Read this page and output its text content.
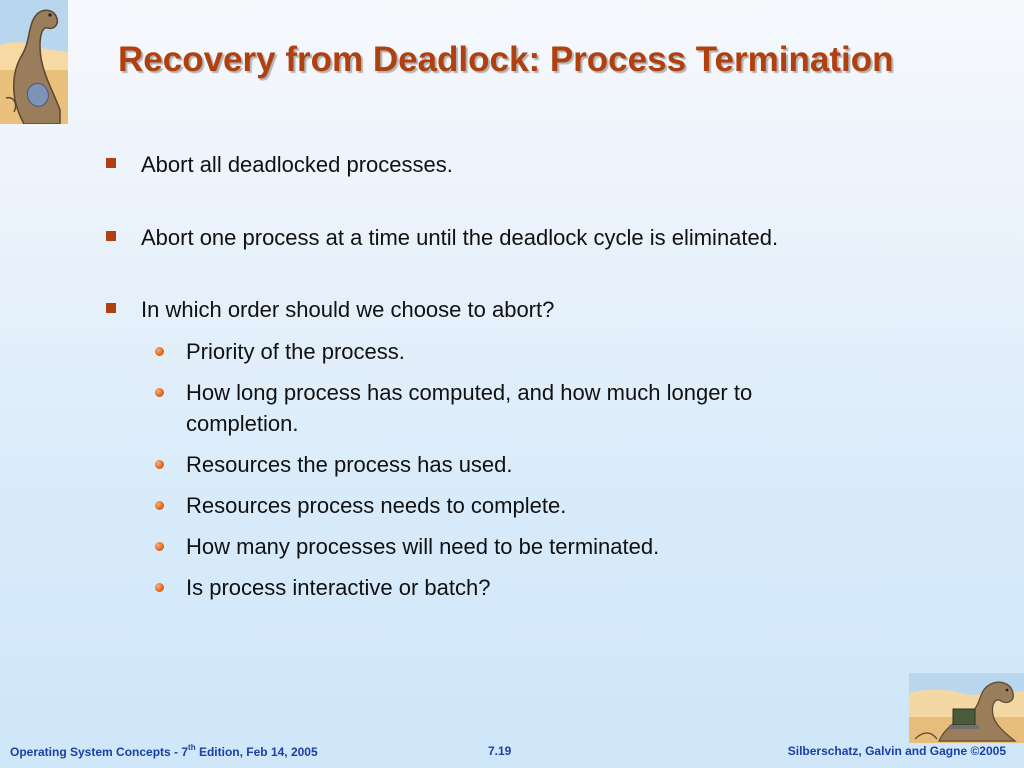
Recovery from Deadlock: Process Termination
Abort all deadlocked processes.
Abort one process at a time until the deadlock cycle is eliminated.
In which order should we choose to abort?
Priority of the process.
How long process has computed, and how much longer to
completion.
Resources the process has used.
Resources process needs to complete.
How many processes will need to be terminated.
Is process interactive or batch?
Operating System Concepts - 7th Edition, Feb 14, 2005	7.19	Silberschatz, Galvin and Gagne ©2005
